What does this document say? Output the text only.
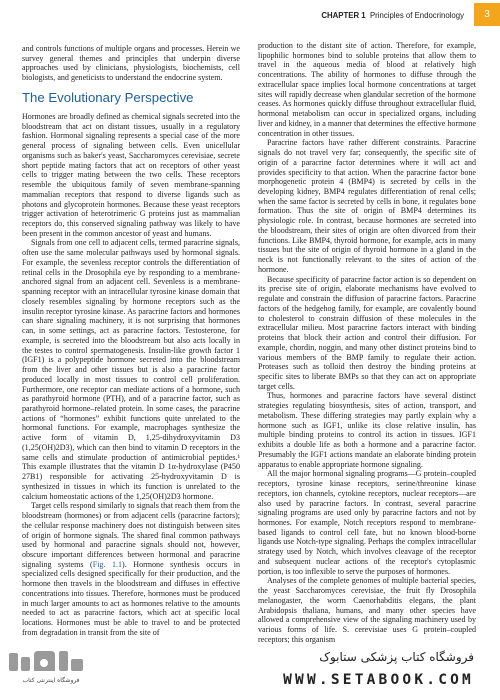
CHAPTER 1 Principles of Endocrinology	3

and controls functions of multiple organs and processes. Herein we survey general themes and principles that underpin diverse approaches used by clinicians, physiologists, biochemists, cell biologists, and geneticists to understand the endocrine system.

The Evolutionary Perspective

Hormones are broadly defined as chemical signals secreted into the bloodstream that act on distant tissues, usually in a regulatory fashion. Hormonal signaling represents a special case of the more general process of signaling between cells. Even unicellular organisms such as baker's yeast, Saccharomyces cerevisiae, secrete short peptide mating factors that act on receptors of other yeast cells to trigger mating between the two cells. These receptors resemble the ubiquitous family of seven membrane-spanning mammalian receptors that respond to diverse ligands such as photons and glycoprotein hormones. Because these yeast receptors trigger activation of heterotrimeric G proteins just as mammalian receptors do, this conserved signaling pathway was likely to have been present in the common ancestor of yeast and humans.

Signals from one cell to adjacent cells, termed paracrine signals, often use the same molecular pathways used by hormonal signals. For example, the sevenless receptor controls the differentiation of retinal cells in the Drosophila eye by responding to a membrane-anchored signal from an adjacent cell. Sevenless is a membrane-spanning receptor with an intracellular tyrosine kinase domain that closely resembles signaling by hormone receptors such as the insulin receptor tyrosine kinase. As paracrine factors and hormones can share signaling machinery, it is not surprising that hormones can, in some settings, act as paracrine factors. Testosterone, for example, is secreted into the bloodstream but also acts locally in the testes to control spermatogenesis. Insulin-like growth factor 1 (IGF1) is a polypeptide hormone secreted into the bloodstream from the liver and other tissues but is also a paracrine factor produced locally in most tissues to control cell proliferation. Furthermore, one receptor can mediate actions of a hormone, such as parathyroid hormone (PTH), and of a paracrine factor, such as parathyroid hormone–related protein. In some cases, the paracrine actions of “hormones” exhibit functions quite unrelated to the hormonal functions. For example, macrophages synthesize the active form of vitamin D, 1,25-dihydroxyvitamin D3 (1,25(OH)2D3), which can then bind to vitamin D receptors in the same cells and stimulate production of antimicrobial peptides.¹ This example illustrates that the vitamin D 1α-hydroxylase (P450 27B1) responsible for activating 25-hydroxyvitamin D is synthesized in tissues in which its function is unrelated to the calcium homeostatic actions of the 1,25(OH)2D3 hormone.

Target cells respond similarly to signals that reach them from the bloodstream (hormones) or from adjacent cells (paracrine factors); the cellular response machinery does not distinguish between sites of origin of hormone signals. The shared final common pathways used by hormonal and paracrine signals should not, however, obscure important differences between hormonal and paracrine signaling systems (Fig. 1.1). Hormone synthesis occurs in specialized cells designed specifically for their production, and the hormone then travels in the bloodstream and diffuses in effective concentrations into tissues. Therefore, hormones must be produced in much larger amounts to act as hormones relative to the amounts needed to act as paracrine factors, which act at specific local locations. Hormones must be able to travel to and be protected from degradation in transit from the site of

production to the distant site of action. Therefore, for example, lipophilic hormones bind to soluble proteins that allow them to travel in the aqueous media of blood at relatively high concentrations. The ability of hormones to diffuse through the extracellular space implies local hormone concentrations at target sites will rapidly decrease when glandular secretion of the hormone ceases. As hormones quickly diffuse throughout extracellular fluid, hormonal metabolism can occur in specialized organs, including liver and kidney, in a manner that determines the effective hormone concentration in other tissues.

Paracrine factors have rather different constraints. Paracrine signals do not travel very far; consequently, the specific site of origin of a paracrine factor determines where it will act and provides specificity to that action. When the paracrine factor bone morphogenetic protein 4 (BMP4) is secreted by cells in the developing kidney, BMP4 regulates differentiation of renal cells; when the same factor is secreted by cells in bone, it regulates bone formation. Thus the site of origin of BMP4 determines its physiologic role. In contrast, because hormones are secreted into the bloodstream, their sites of origin are often divorced from their functions. Like BMP4, thyroid hormone, for example, acts in many tissues but the site of origin of thyroid hormone in a gland in the neck is not functionally relevant to the sites of action of the hormone.

Because specificity of paracrine factor action is so dependent on its precise site of origin, elaborate mechanisms have evolved to regulate and constrain the diffusion of paracrine factors. Paracrine factors of the hedgehog family, for example, are covalently bound to cholesterol to constrain diffusion of these molecules in the extracellular milieu. Most paracrine factors interact with binding proteins that block their action and control their diffusion. For example, chordin, noggin, and many other distinct proteins bind to various members of the BMP family to regulate their action. Proteases such as tolloid then destroy the binding proteins at specific sites to liberate BMPs so that they can act on appropriate target cells.

Thus, hormones and paracrine factors have several distinct strategies regulating biosynthesis, sites of action, transport, and metabolism. These differing strategies may partly explain why a hormone such as IGF1, unlike its close relative insulin, has multiple binding proteins to control its action in tissues. IGF1 exhibits a double life as both a hormone and a paracrine factor. Presumably the IGF1 actions mandate an elaborate binding protein apparatus to enable appropriate hormone signaling.

All the major hormonal signaling programs—G protein–coupled receptors, tyrosine kinase receptors, serine/threonine kinase receptors, ion channels, cytokine receptors, nuclear receptors—are also used by paracrine factors. In contrast, several paracrine signaling programs are used only by paracrine factors and not by hormones. For example, Notch receptors respond to membrane-based ligands to control cell fate, but no known blood-borne ligands use Notch-type signaling. Perhaps the complex intracellular strategy used by Notch, which involves cleavage of the receptor and subsequent nuclear actions of the receptor's cytoplasmic portion, is too inflexible to serve the purposes of hormones.

Analyses of the complete genomes of multiple bacterial species, the yeast Saccharomyces cerevisiae, the fruit fly Drosophila melanogaster, the worm Caenorhabditis elegans, the plant Arabidopsis thaliana, humans, and many other species have allowed a comprehensive view of the signaling machinery used by various forms of life. S. cerevisiae uses G protein–coupled receptors; this organism

فروشگاه اینترنتی کتاب
فروشگاه کتاب پزشکی ستابوک
WWW.SETABOOK.COM
